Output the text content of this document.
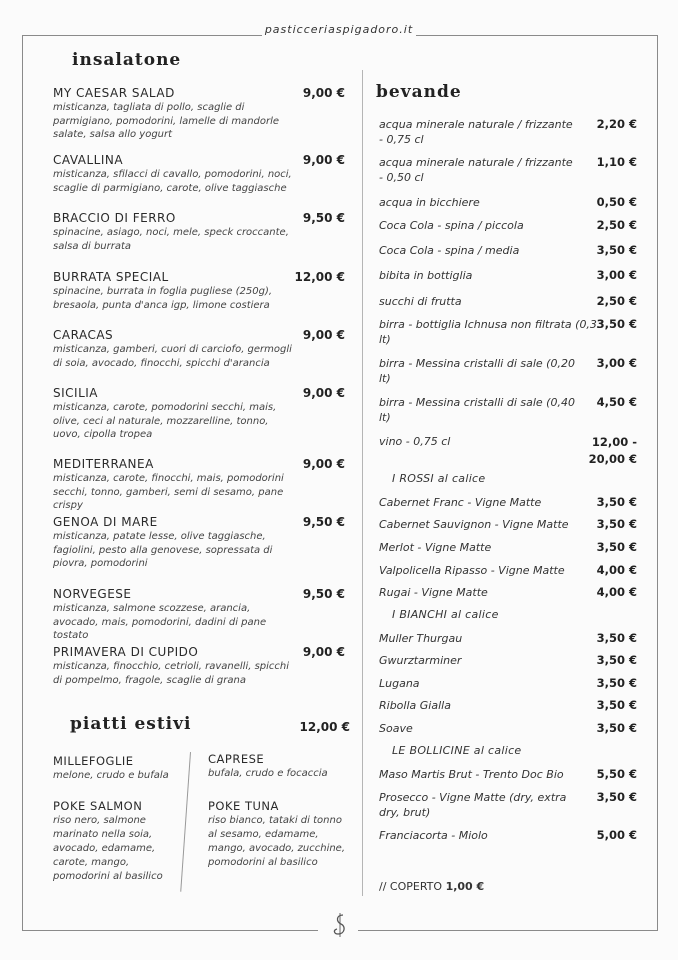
pasticceriaspigadoro.it
insalatone
MY CAESAR SALAD	9,00 €
misticanza, tagliata di pollo, scaglie di parmigiano, pomodorini, lamelle di mandorle salate, salsa allo yogurt
CAVALLINA	9,00 €
misticanza, sfilacci di cavallo, pomodorini, noci, scaglie di parmigiano, carote, olive taggiasche
BRACCIO DI FERRO	9,50 €
spinacine, asiago, noci, mele, speck croccante, salsa di burrata
BURRATA SPECIAL	12,00 €
spinacine, burrata in foglia pugliese (250g), bresaola, punta d'anca igp, limone costiera
CARACAS	9,00 €
misticanza, gamberi, cuori di carciofo, germogli di soia, avocado, finocchi, spicchi d'arancia
SICILIA	9,00 €
misticanza, carote, pomodorini secchi, mais, olive, ceci al naturale, mozzarelline, tonno, uovo, cipolla tropea
MEDITERRANEA	9,00 €
misticanza, carote, finocchi, mais, pomodorini secchi, tonno, gamberi, semi di sesamo, pane crispy
GENOA DI MARE	9,50 €
misticanza, patate lesse, olive taggiasche, fagiolini, pesto alla genovese, sopressata di piovra, pomodorini
NORVEGESE	9,50 €
misticanza, salmone scozzese, arancia, avocado, mais, pomodorini, dadini di pane tostato
PRIMAVERA DI CUPIDO	9,00 €
misticanza, finocchio, cetrioli, ravanelli, spicchi di pompelmo, fragole, scaglie di grana
piatti estivi	12,00 €
MILLEFOGLIE
melone, crudo e bufala
CAPRESE
bufala, crudo e focaccia
POKE SALMON
riso nero, salmone marinato nella soia, avocado, edamame, carote, mango, pomodorini al basilico
POKE TUNA
riso bianco, tataki di tonno al sesamo, edamame, mango, avocado, zucchine, pomodorini al basilico
bevande
acqua minerale naturale / frizzante - 0,75 cl
2,20 €
acqua minerale naturale / frizzante - 0,50 cl
1,10 €
acqua in bicchiere	0,50 €
Coca Cola - spina / piccola	2,50 €
Coca Cola - spina / media	3,50 €
bibita in bottiglia	3,00 €
succhi di frutta	2,50 €
birra - bottiglia Ichnusa non filtrata (0,33 lt)
3,50 €
birra - Messina cristalli di sale (0,20 lt)
3,00 €
birra - Messina cristalli di sale (0,40 lt)
4,50 €
vino - 0,75 cl	12,00 - 20,00 €
I ROSSI al calice
Cabernet Franc - Vigne Matte	3,50 €
Cabernet Sauvignon - Vigne Matte	3,50 €
Merlot - Vigne Matte	3,50 €
Valpolicella Ripasso - Vigne Matte	4,00 €
Rugai - Vigne Matte	4,00 €
I BIANCHI al calice
Muller Thurgau	3,50 €
Gwurztarminer	3,50 €
Lugana	3,50 €
Ribolla Gialla	3,50 €
Soave	3,50 €
LE BOLLICINE al calice
Maso Martis Brut - Trento Doc Bio	5,50 €
Prosecco - Vigne Matte (dry, extra dry, brut)
3,50 €
Franciacorta - Miolo	5,00 €
// COPERTO 1,00 €
